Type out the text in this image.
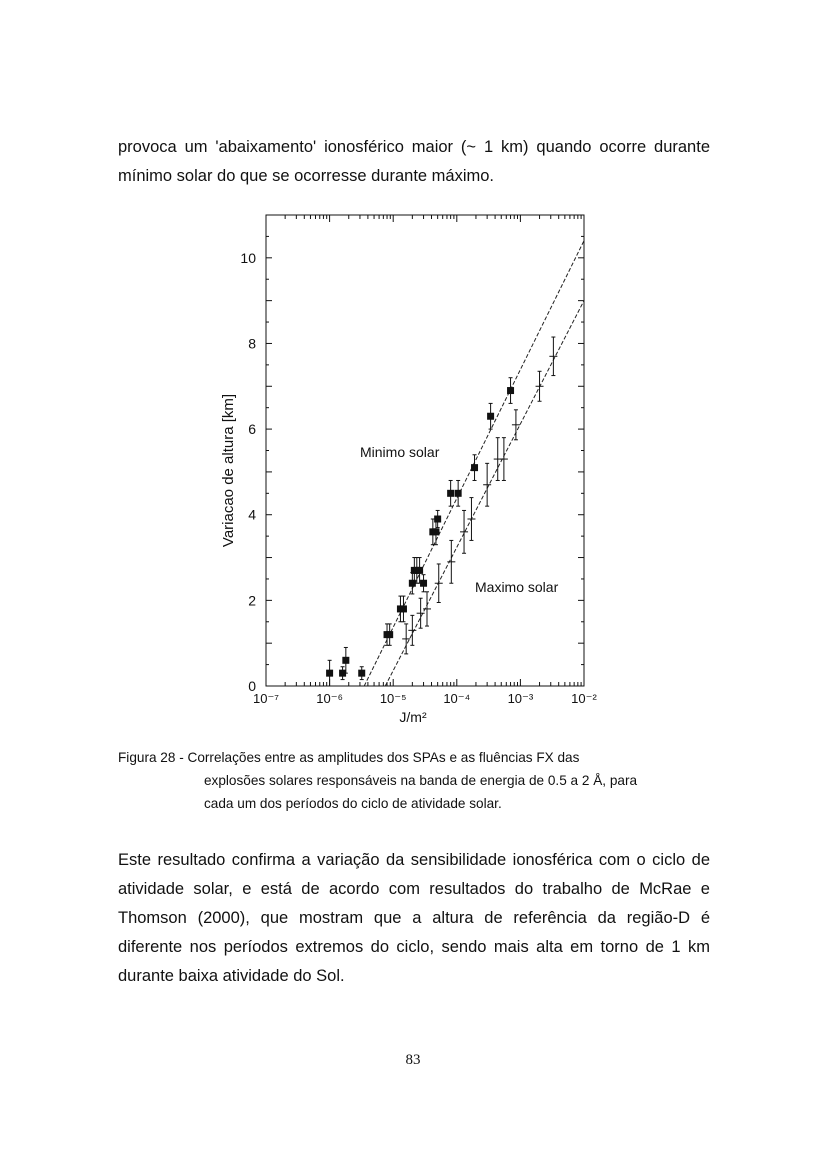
provoca um 'abaixamento' ionosférico maior (~ 1 km) quando ocorre durante
mínimo solar do que se ocorresse durante máximo.

10⁻⁷	10⁻⁶	10⁻⁵	10⁻⁴	10⁻³	10⁻²
0
2
4
6
8
10
J/m²
Variacao de altura [km]	Minimo solar
Maximo solar
Figura 28 - Correlações entre as amplitudes dos SPAs e as fluências FX das
explosões solares responsáveis na banda de energia de 0.5 a 2 Å, para
cada um dos períodos do ciclo de atividade solar.

Este resultado confirma a variação da sensibilidade ionosférica com o ciclo de
atividade solar, e está de acordo com resultados do trabalho de McRae e
Thomson (2000), que mostram que a altura de referência da região-D é
diferente nos períodos extremos do ciclo, sendo mais alta em torno de 1 km
durante baixa atividade do Sol.

83
